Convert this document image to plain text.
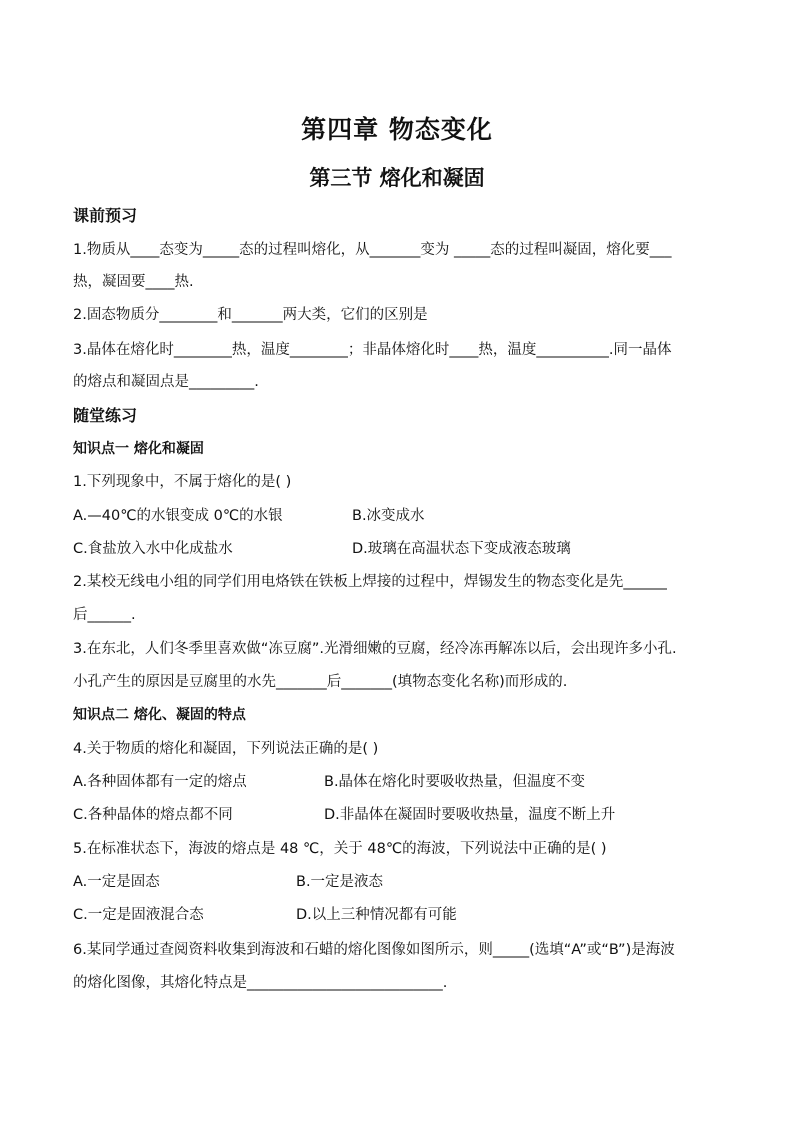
第四章 物态变化
第三节 熔化和凝固
课前预习
1.物质从____态变为_____态的过程叫熔化，从_______变为 _____态的过程叫凝固，熔化要___
热，凝固要____热.
2.固态物质分________和_______两大类，它们的区别是
3.晶体在熔化时________热，温度________；非晶体熔化时____热，温度__________.同一晶体
的熔点和凝固点是_________.
随堂练习
知识点一 熔化和凝固
1.下列现象中，不属于熔化的是( )
A.—40℃的水银变成 0℃的水银	B.冰变成水
C.食盐放入水中化成盐水	D.玻璃在高温状态下变成液态玻璃
2.某校无线电小组的同学们用电烙铁在铁板上焊接的过程中，焊锡发生的物态变化是先______
后______.
3.在东北，人们冬季里喜欢做“冻豆腐”.光滑细嫩的豆腐，经冷冻再解冻以后，会出现许多小孔.
小孔产生的原因是豆腐里的水先_______后_______(填物态变化名称)而形成的.
知识点二 熔化、凝固的特点
4.关于物质的熔化和凝固，下列说法正确的是( )
A.各种固体都有一定的熔点	B.晶体在熔化时要吸收热量，但温度不变
C.各种晶体的熔点都不同	D.非晶体在凝固时要吸收热量，温度不断上升
5.在标准状态下，海波的熔点是 48 ℃，关于 48℃的海波，下列说法中正确的是( )
A.一定是固态	B.一定是液态
C.一定是固液混合态	D.以上三种情况都有可能
6.某同学通过查阅资料收集到海波和石蜡的熔化图像如图所示，则_____(选填“A”或“B”)是海波
的熔化图像，其熔化特点是___________________________.
